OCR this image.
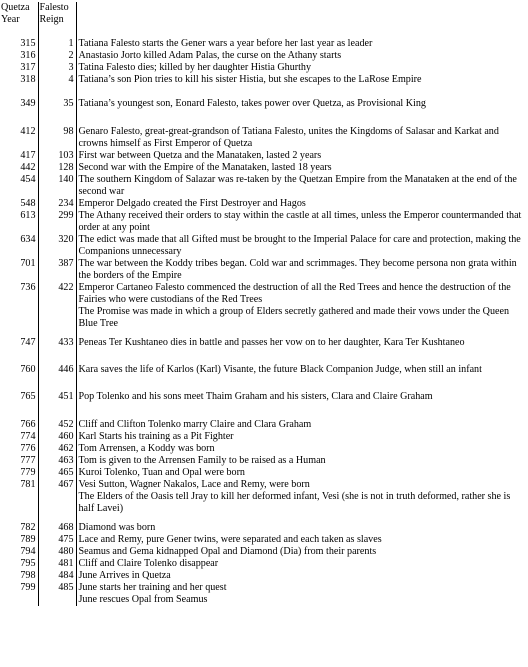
Quetza Year	Falesto Reign	
315	1	Tatiana Falesto starts the Gener wars a year before her last year as leader
316	2	Anastasio Jorto killed Adam Palas, the curse on the Athany starts
317	3	Tatina Falesto dies; killed by her daughter Histia Ghurthy
318	4	Tatiana’s son Pion tries to kill his sister Histia, but she escapes to the LaRose Empire
349	35	Tatiana’s youngest son, Eonard Falesto, takes power over Quetza, as Provisional King
412	98	Genaro Falesto, great-great-grandson of Tatiana Falesto, unites the Kingdoms of Salasar and Karkat and crowns himself as First Emperor of Quetza
417	103	First war between Quetza and the Manataken, lasted 2 years
442	128	Second war with the Empire of the Manataken, lasted 18 years
454	140	The southern Kingdom of Salazar was re-taken by the Quetzan Empire from the Manataken at the end of the second war
548	234	Emperor Delgado created the First Destroyer and Hagos
613	299	The Athany received their orders to stay within the castle at all times, unless the Emperor countermanded that order at any point
634	320	The edict was made that all Gifted must be brought to the Imperial Palace for care and protection, making the Companions unnecessary
701	387	The war between the Koddy tribes began. Cold war and scrimmages. They become persona non grata within the borders of the Empire
736	422	Emperor Cartaneo Falesto commenced the destruction of all the Red Trees and hence the destruction of the Fairies who were custodians of the Red Trees
		The Promise was made in which a group of Elders secretly gathered and made their vows under the Queen Blue Tree
747	433	Peneas Ter Kushtaneo dies in battle and passes her vow on to her daughter, Kara Ter Kushtaneo
760	446	Kara saves the life of Karlos (Karl) Visante, the future Black Companion Judge, when still an infant
765	451	Pop Tolenko and his sons meet Thaim Graham and his sisters, Clara and Claire Graham
766	452	Cliff and Clifton Tolenko marry Claire and Clara Graham
774	460	Karl Starts his training as a Pit Fighter
776	462	Tom Arrensen, a Koddy was born
777	463	Tom is given to the Arrensen Family to be raised as a Human
779	465	Kuroi Tolenko, Tuan and Opal were born
781	467	Vesi Sutton, Wagner Nakalos, Lace and Remy, were born
		The Elders of the Oasis tell Jray to kill her deformed infant, Vesi (she is not in truth deformed, rather she is half Lavei)
782	468	Diamond was born
789	475	Lace and Remy, pure Gener twins, were separated and each taken as slaves
794	480	Seamus and Gema kidnapped Opal and Diamond (Dia) from their parents
795	481	Cliff and Claire Tolenko disappear
798	484	June Arrives in Quetza
799	485	June starts her training and her quest
		June rescues Opal from Seamus
